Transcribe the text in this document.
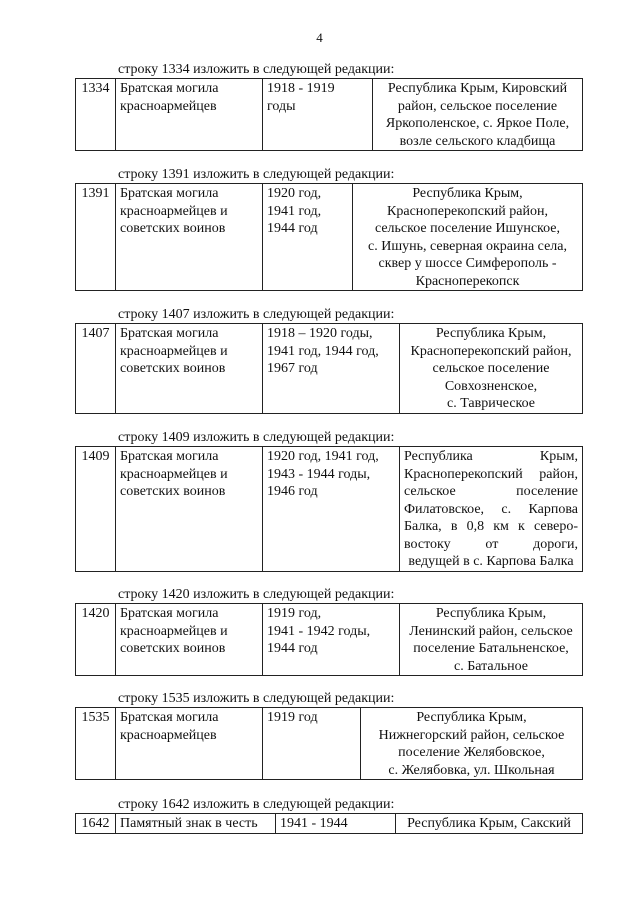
4
строку 1334 изложить в следующей редакции:
1334	Братская могила
красноармейцев

1918 - 1919
годы

Республика Крым, Кировский
район, сельское поселение
Яркополенское, с. Яркое Поле,
возле сельского кладбища
строку 1391 изложить в следующей редакции:
1391	Братская могила
красноармейцев и
советских воинов

1920 год,
1941 год,
1944 год

Республика Крым,
Красноперекопский район,
сельское поселение Ишунское,
с. Ишунь, северная окраина села,
сквер у шоссе Симферополь -
Красноперекопск
строку 1407 изложить в следующей редакции:
1407	Братская могила
красноармейцев и
советских воинов

1918 – 1920 годы,
1941 год, 1944 год,
1967 год

Республика Крым,
Красноперекопский район,
сельское поселение
Совхозненское,
с. Таврическое
строку 1409 изложить в следующей редакции:
1409	Братская могила
красноармейцев и
советских воинов

1920 год, 1941 год,
1943 - 1944 годы,
1946 год

Республика Крым,
Красноперекопский район,
сельское поселение
Филатовское, с. Карпова
Балка, в 0,8 км к северо-
востоку от дороги,
ведущей в с. Карпова Балка
строку 1420 изложить в следующей редакции:
1420	Братская могила
красноармейцев и
советских воинов

1919 год,
1941 - 1942 годы,
1944 год

Республика Крым,
Ленинский район, сельское
поселение Батальненское,
с. Батальное
строку 1535 изложить в следующей редакции:
1535	Братская могила
красноармейцев

1919 год	Республика Крым,
Нижнегорский район, сельское
поселение Желябовское,
с. Желябовка, ул. Школьная
строку 1642 изложить в следующей редакции:
1642	Памятный знак в честь	1941 - 1944	Республика Крым, Сакский
